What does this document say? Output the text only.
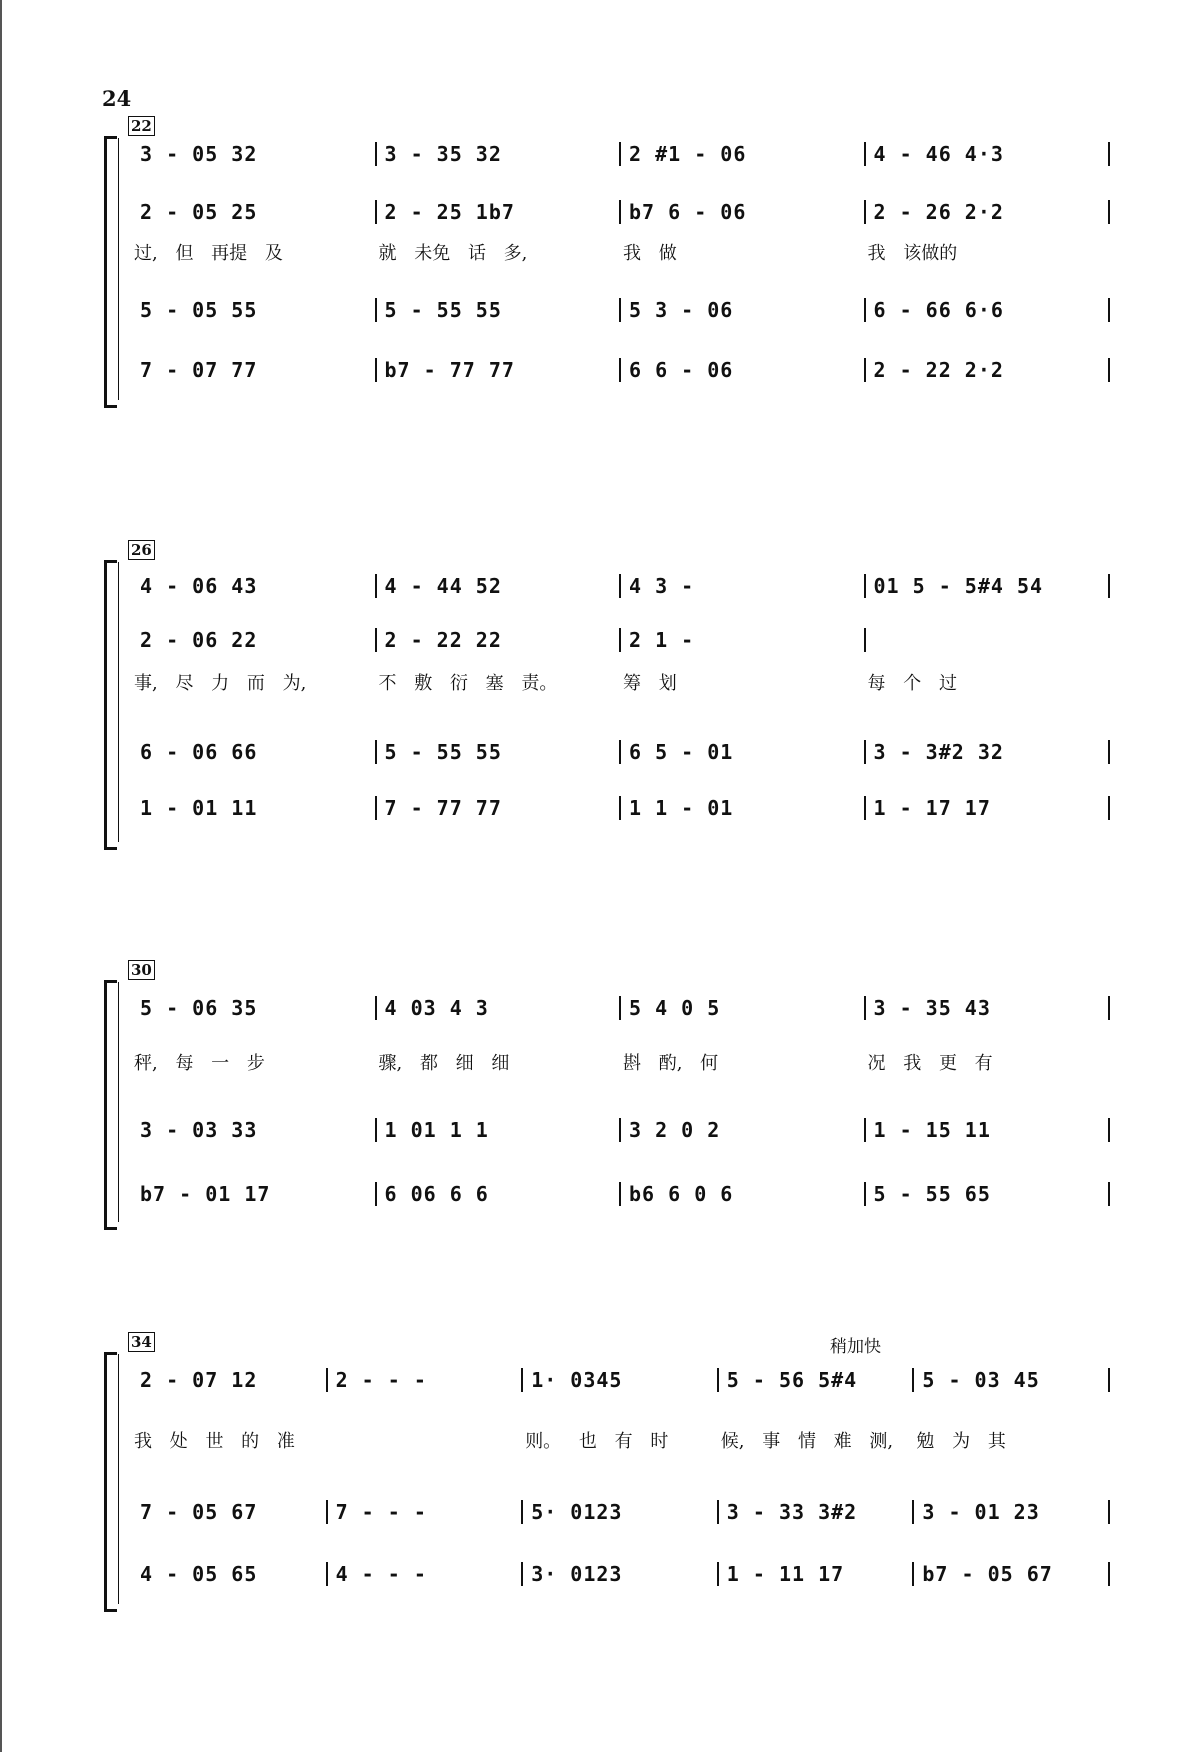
24
22
3 - 05 32	3 - 35 32	2 #1 - 06	4 - 46 4·3
2 - 05 25	2 - 25 1b7	b7 6 - 06	2 - 26 2·2
过, 但 再提 及	就 未免 话 多,	我 做	我 该做的
5 - 05 55	5 - 55 55	5 3 - 06	6 - 66 6·6
7 - 07 77	b7 - 77 77	6 6 - 06	2 - 22 2·2
26
4 - 06 43	4 - 44 52	4 3 -	01 5 - 5#4 54
2 - 06 22	2 - 22 22	2 1 -
事, 尽 力 而 为,	不 敷 衍 塞 责。	筹 划	每 个 过
6 - 06 66	5 - 55 55	6 5 - 01	3 - 3#2 32
1 - 01 11	7 - 77 77	1 1 - 01	1 - 17 17
30
5 - 06 35	4 03 4 3	5 4 0 5	3 - 35 43
秤, 每 一 步	骤, 都 细 细	斟 酌, 何	况 我 更 有
3 - 03 33	1 01 1 1	3 2 0 2	1 - 15 11
b7 - 01 17	6 06 6 6	b6 6 0 6	5 - 55 65
34	稍加快
2 - 07 12	2 - - -	1· 0345	5 - 56 5#4	5 - 03 45
我 处 世 的 准	则。 也 有 时	候, 事 情 难 测,	勉 为 其
7 - 05 67	7 - - -	5· 0123	3 - 33 3#2	3 - 01 23
4 - 05 65	4 - - -	3· 0123	1 - 11 17	b7 - 05 67
